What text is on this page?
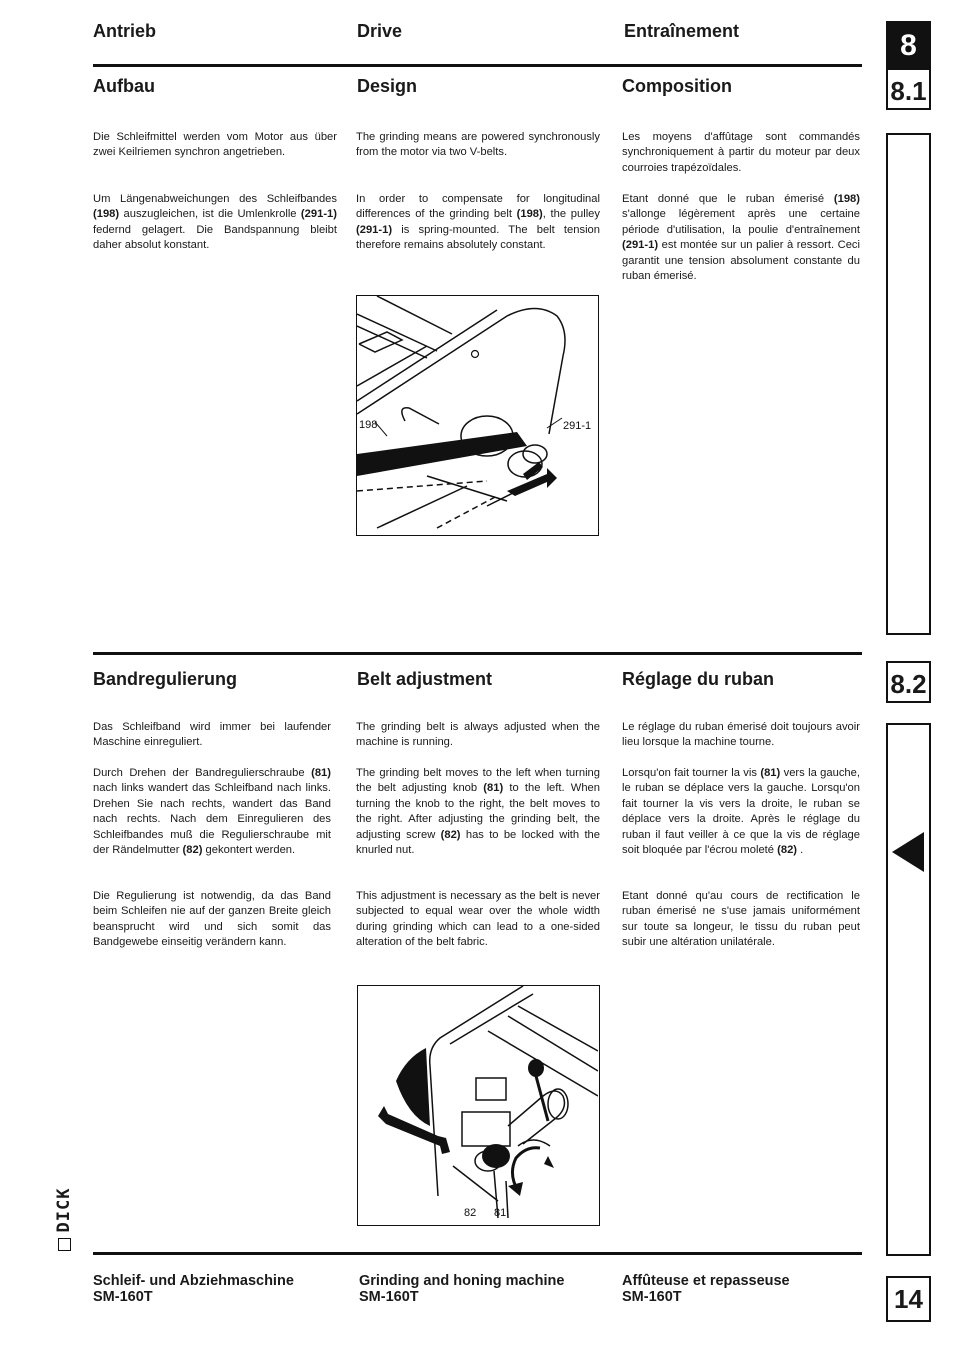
Antrieb	Drive	Entraînement
Aufbau	Design	Composition
Die Schleifmittel werden vom Motor aus über zwei Keilriemen synchron angetrieben.
Um Längenabweichungen des Schleifbandes (198) auszugleichen, ist die Umlenkrolle (291-1) federnd gelagert. Die Bandspannung bleibt daher absolut konstant.
The grinding means are powered synchronously from the motor via two V-belts.
In order to compensate for longitudinal differences of the grinding belt (198), the pulley (291-1) is spring-mounted. The belt tension therefore remains absolutely constant.
Les moyens d'affûtage sont commandés synchroniquement à partir du moteur par deux courroies trapézoïdales.
Etant donné que le ruban émerisé (198) s'allonge légèrement après une certaine période d'utilisation, la poulie d'entraînement (291-1) est montée sur un palier à ressort. Ceci garantit une tension absolument constante du ruban émerisé.
198	291-1
Bandregulierung	Belt adjustment	Réglage du ruban
Das Schleifband wird immer bei laufender Maschine einreguliert.
Durch Drehen der Bandregulierschraube (81) nach links wandert das Schleifband nach links. Drehen Sie nach rechts, wandert das Band nach rechts. Nach dem Einregulieren des Schleifbandes muß die Regulierschraube mit der Rändelmutter (82) gekontert werden.
Die Regulierung ist notwendig, da das Band beim Schleifen nie auf der ganzen Breite gleich beansprucht wird und sich somit das Bandgewebe einseitig verändern kann.
The grinding belt is always adjusted when the machine is running.
The grinding belt moves to the left when turning the belt adjusting knob (81) to the left. When turning the knob to the right, the belt moves to the right. After adjusting the grinding belt, the adjusting screw (82) has to be locked with the knurled nut.
This adjustment is necessary as the belt is never subjected to equal wear over the whole width during grinding which can lead to a one-sided alteration of the belt fabric.
Le réglage du ruban émerisé doit toujours avoir lieu lorsque la machine tourne.
Lorsqu'on fait tourner la vis (81) vers la gauche, le ruban se déplace vers la gauche. Lorsqu'on fait tourner la vis vers la droite, le ruban se déplace vers la droite. Après le réglage du ruban il faut veiller à ce que la vis de réglage soit bloquée par l'écrou moleté (82) .
Etant donné qu'au cours de rectification le ruban émerisé ne s'use jamais uniformément sur toute sa longeur, le tissu du ruban peut subir une altération unilatérale.
82 81
8
8.1
8.2
14
DICK
Schleif- und Abziehmaschine
SM-160T
Grinding and honing machine
SM-160T
Affûteuse et repasseuse
SM-160T
